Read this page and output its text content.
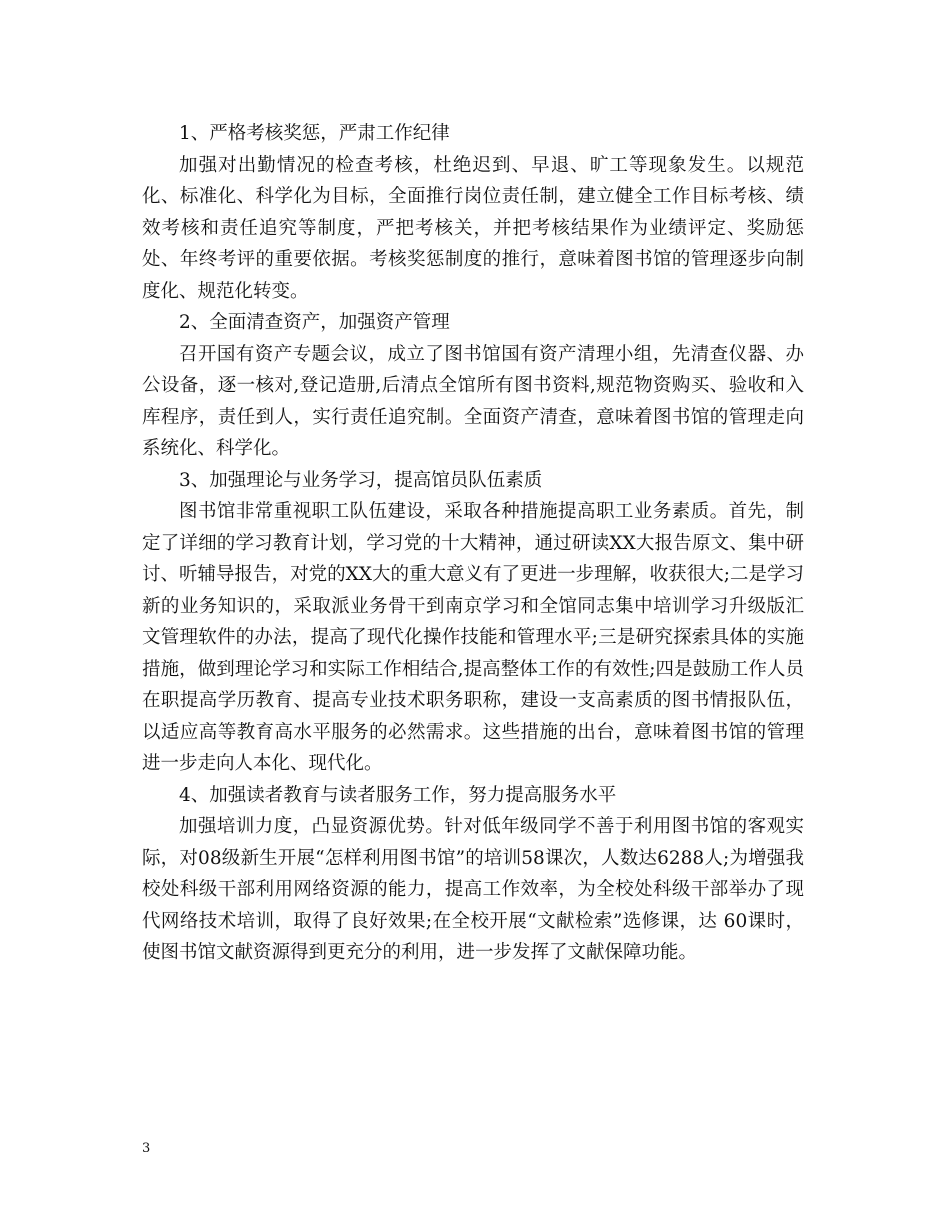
1、严格考核奖惩，严肃工作纪律

加强对出勤情况的检查考核，杜绝迟到、早退、旷工等现象发生。以规范化、标准化、科学化为目标，全面推行岗位责任制，建立健全工作目标考核、绩效考核和责任追究等制度，严把考核关，并把考核结果作为业绩评定、奖励惩处、年终考评的重要依据。考核奖惩制度的推行，意味着图书馆的管理逐步向制度化、规范化转变。

2、全面清查资产，加强资产管理

召开国有资产专题会议，成立了图书馆国有资产清理小组，先清查仪器、办公设备，逐一核对,登记造册,后清点全馆所有图书资料,规范物资购买、验收和入库程序，责任到人，实行责任追究制。全面资产清查，意味着图书馆的管理走向系统化、科学化。

3、加强理论与业务学习，提高馆员队伍素质

图书馆非常重视职工队伍建设，采取各种措施提高职工业务素质。首先，制定了详细的学习教育计划，学习党的十大精神，通过研读XX大报告原文、集中研讨、听辅导报告，对党的XX大的重大意义有了更进一步理解，收获很大;二是学习新的业务知识的，采取派业务骨干到南京学习和全馆同志集中培训学习升级版汇文管理软件的办法，提高了现代化操作技能和管理水平;三是研究探索具体的实施措施，做到理论学习和实际工作相结合,提高整体工作的有效性;四是鼓励工作人员在职提高学历教育、提高专业技术职务职称，建设一支高素质的图书情报队伍，以适应高等教育高水平服务的必然需求。这些措施的出台，意味着图书馆的管理进一步走向人本化、现代化。

4、加强读者教育与读者服务工作，努力提高服务水平

加强培训力度，凸显资源优势。针对低年级同学不善于利用图书馆的客观实际，对08级新生开展“怎样利用图书馆”的培训58课次，人数达6288人;为增强我校处科级干部利用网络资源的能力，提高工作效率，为全校处科级干部举办了现代网络技术培训，取得了良好效果;在全校开展“文献检索”选修课，达 60课时，使图书馆文献资源得到更充分的利用，进一步发挥了文献保障功能。

3
